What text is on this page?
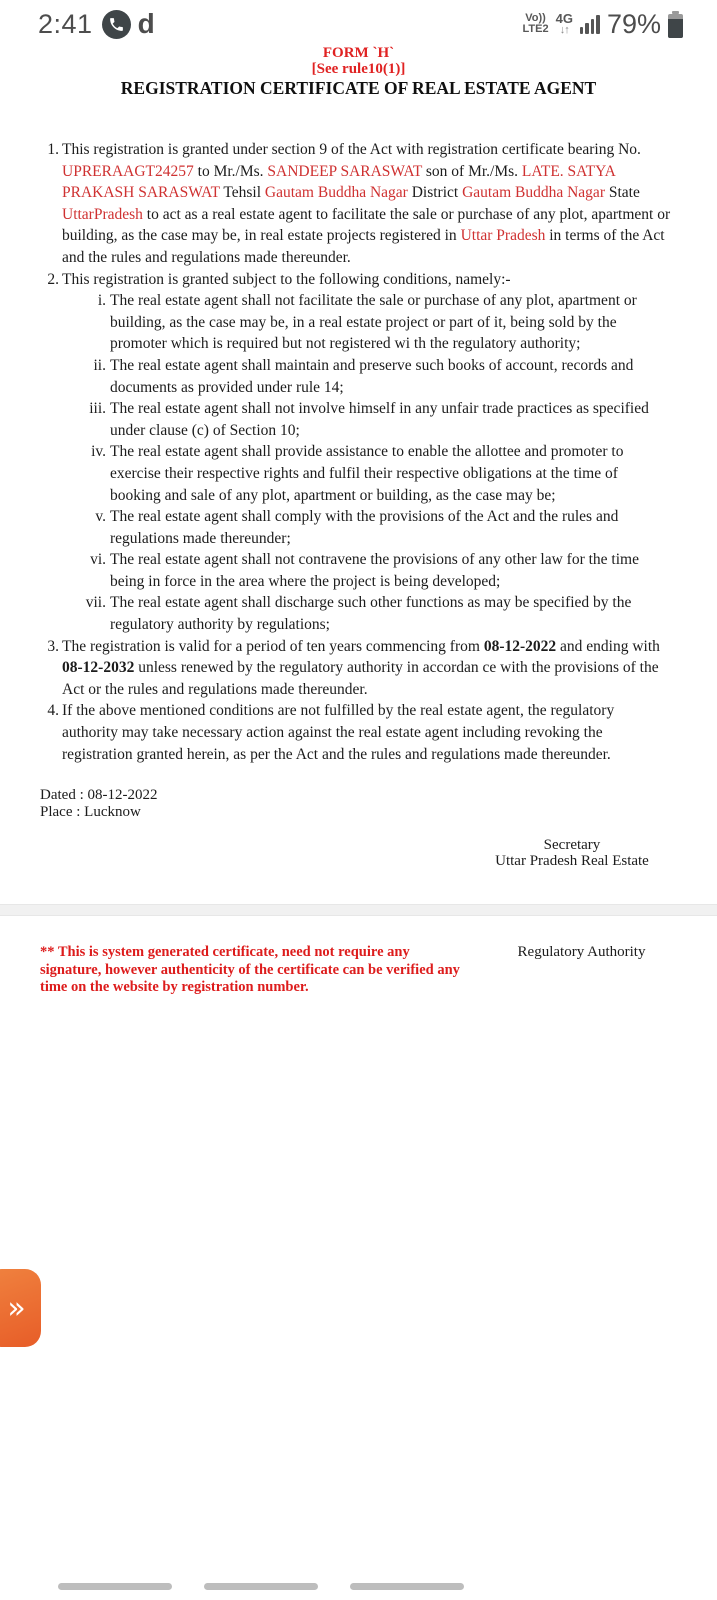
2:41 d	Vo))
LTE2
4G
↓↑ 79%
FORM `H`
[See rule10(1)]
REGISTRATION CERTIFICATE OF REAL ESTATE AGENT
1. This registration is granted under section 9 of the Act with registration certificate bearing No. UPRERAAGT24257 to Mr./Ms. SANDEEP SARASWAT son of Mr./Ms. LATE. SATYA PRAKASH SARASWAT Tehsil Gautam Buddha Nagar District Gautam Buddha Nagar State UttarPradesh to act as a real estate agent to facilitate the sale or purchase of any plot, apartment or building, as the case may be, in real estate projects registered in Uttar Pradesh in terms of the Act and the rules and regulations made thereunder.
2. This registration is granted subject to the following conditions, namely:-
i. The real estate agent shall not facilitate the sale or purchase of any plot, apartment or building, as the case may be, in a real estate project or part of it, being sold by the promoter which is required but not registered wi th the regulatory authority;
ii. The real estate agent shall maintain and preserve such books of account, records and documents as provided under rule 14;
iii. The real estate agent shall not involve himself in any unfair trade practices as specified under clause (c) of Section 10;
iv. The real estate agent shall provide assistance to enable the allottee and promoter to exercise their respective rights and fulfil their respective obligations at the time of booking and sale of any plot, apartment or building, as the case may be;
v. The real estate agent shall comply with the provisions of the Act and the rules and regulations made thereunder;
vi. The real estate agent shall not contravene the provisions of any other law for the time being in force in the area where the project is being developed;
vii. The real estate agent shall discharge such other functions as may be specified by the regulatory authority by regulations;
3. The registration is valid for a period of ten years commencing from 08-12-2022 and ending with 08-12-2032 unless renewed by the regulatory authority in accordan ce with the provisions of the Act or the rules and regulations made thereunder.
4. If the above mentioned conditions are not fulfilled by the real estate agent, the regulatory authority may take necessary action against the real estate agent including revoking the registration granted herein, as per the Act and the rules and regulations made thereunder.
Dated : 08-12-2022
Place : Lucknow
Secretary
Uttar Pradesh Real Estate
** This is system generated certificate, need not require any signature, however authenticity of the certificate can be verified any time on the website by registration number.
Regulatory Authority
»
